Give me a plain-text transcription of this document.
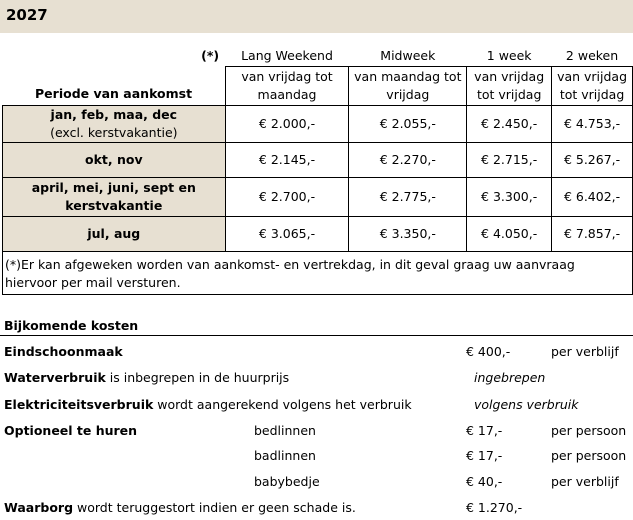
2027
(*)	Lang Weekend	Midweek	1 week	2 weken
Periode van aankomst	van vrijdag tot maandag	van maandag tot vrijdag	van vrijdag tot vrijdag	van vrijdag tot vrijdag
jan, feb, maa, dec
(excl. kerstvakantie)	€ 2.000,-	€ 2.055,-	€ 2.450,-	€ 4.753,-
okt, nov	€ 2.145,-	€ 2.270,-	€ 2.715,-	€ 5.267,-
april, mei, juni, sept en kerstvakantie	€ 2.700,-	€ 2.775,-	€ 3.300,-	€ 6.402,-
jul, aug	€ 3.065,-	€ 3.350,-	€ 4.050,-	€ 7.857,-
(*)Er kan afgeweken worden van aankomst- en vertrekdag, in dit geval graag uw aanvraag hiervoor per mail versturen.				
Bijkomende kosten
Eindschoonmaak	€ 400,-	per verblijf
Waterverbruik is inbegrepen in de huurprijs	ingebrepen
Elektriciteitsverbruik wordt aangerekend volgens het verbruik	volgens verbruik
Optioneel te huren	bedlinnen	€ 17,-	per persoon
badlinnen	€ 17,-	per persoon
babybedje	€ 40,-	per verblijf
Waarborg wordt teruggestort indien er geen schade is.	€ 1.270,-
